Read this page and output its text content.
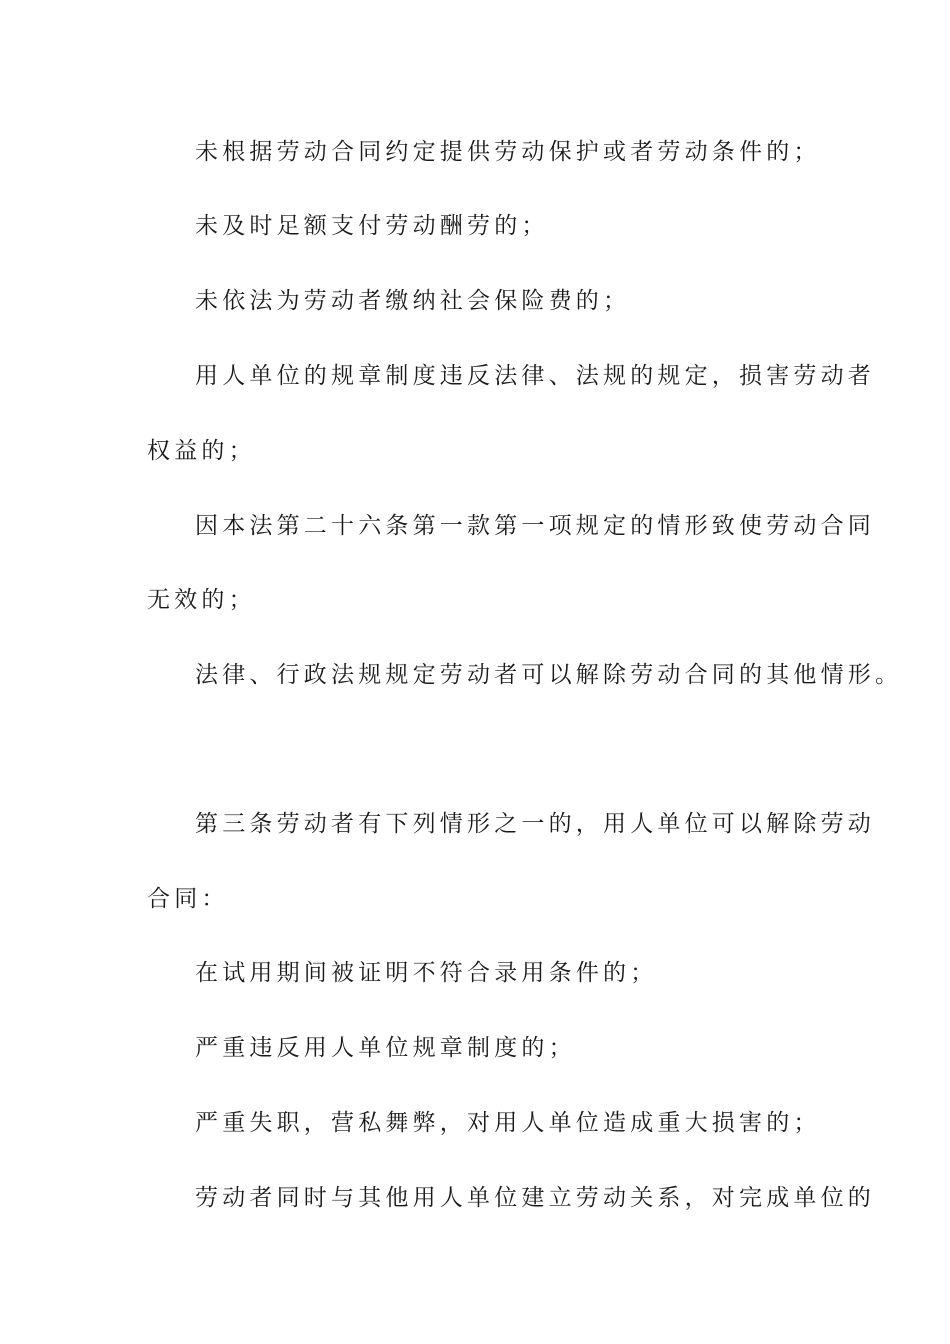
未根据劳动合同约定提供劳动保护或者劳动条件的；

未及时足额支付劳动酬劳的；

未依法为劳动者缴纳社会保险费的；

用人单位的规章制度违反法律、法规的规定，损害劳动者

权益的；

因本法第二十六条第一款第一项规定的情形致使劳动合同

无效的；

法律、行政法规规定劳动者可以解除劳动合同的其他情形。

第三条劳动者有下列情形之一的，用人单位可以解除劳动

合同：

在试用期间被证明不符合录用条件的；

严重违反用人单位规章制度的；

严重失职，营私舞弊，对用人单位造成重大损害的；

劳动者同时与其他用人单位建立劳动关系，对完成单位的
